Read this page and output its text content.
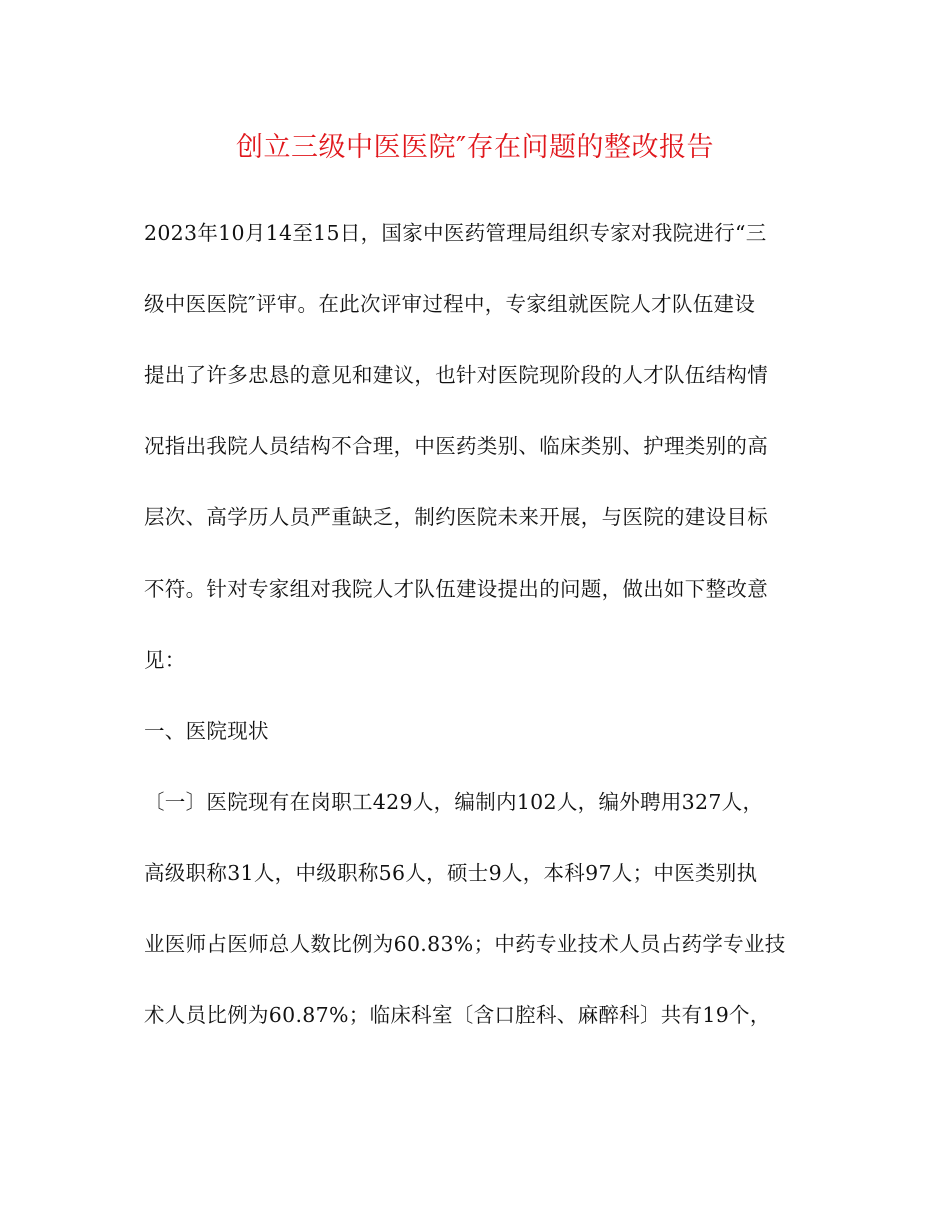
创立三级中医医院″存在问题的整改报告

2023年10月14至15日，国家中医药管理局组织专家对我院进行“三

级中医医院″评审。在此次评审过程中，专家组就医院人才队伍建设

提出了许多忠恳的意见和建议，也针对医院现阶段的人才队伍结构情

况指出我院人员结构不合理，中医药类别、临床类别、护理类别的高

层次、高学历人员严重缺乏，制约医院未来开展，与医院的建设目标

不符。针对专家组对我院人才队伍建设提出的问题，做出如下整改意

见：

一、医院现状

〔一〕医院现有在岗职工429人，编制内102人，编外聘用327人，

高级职称31人，中级职称56人，硕士9人，本科97人；中医类别执

业医师占医师总人数比例为60.83%；中药专业技术人员占药学专业技

术人员比例为60.87%；临床科室〔含口腔科、麻醉科〕共有19个，
